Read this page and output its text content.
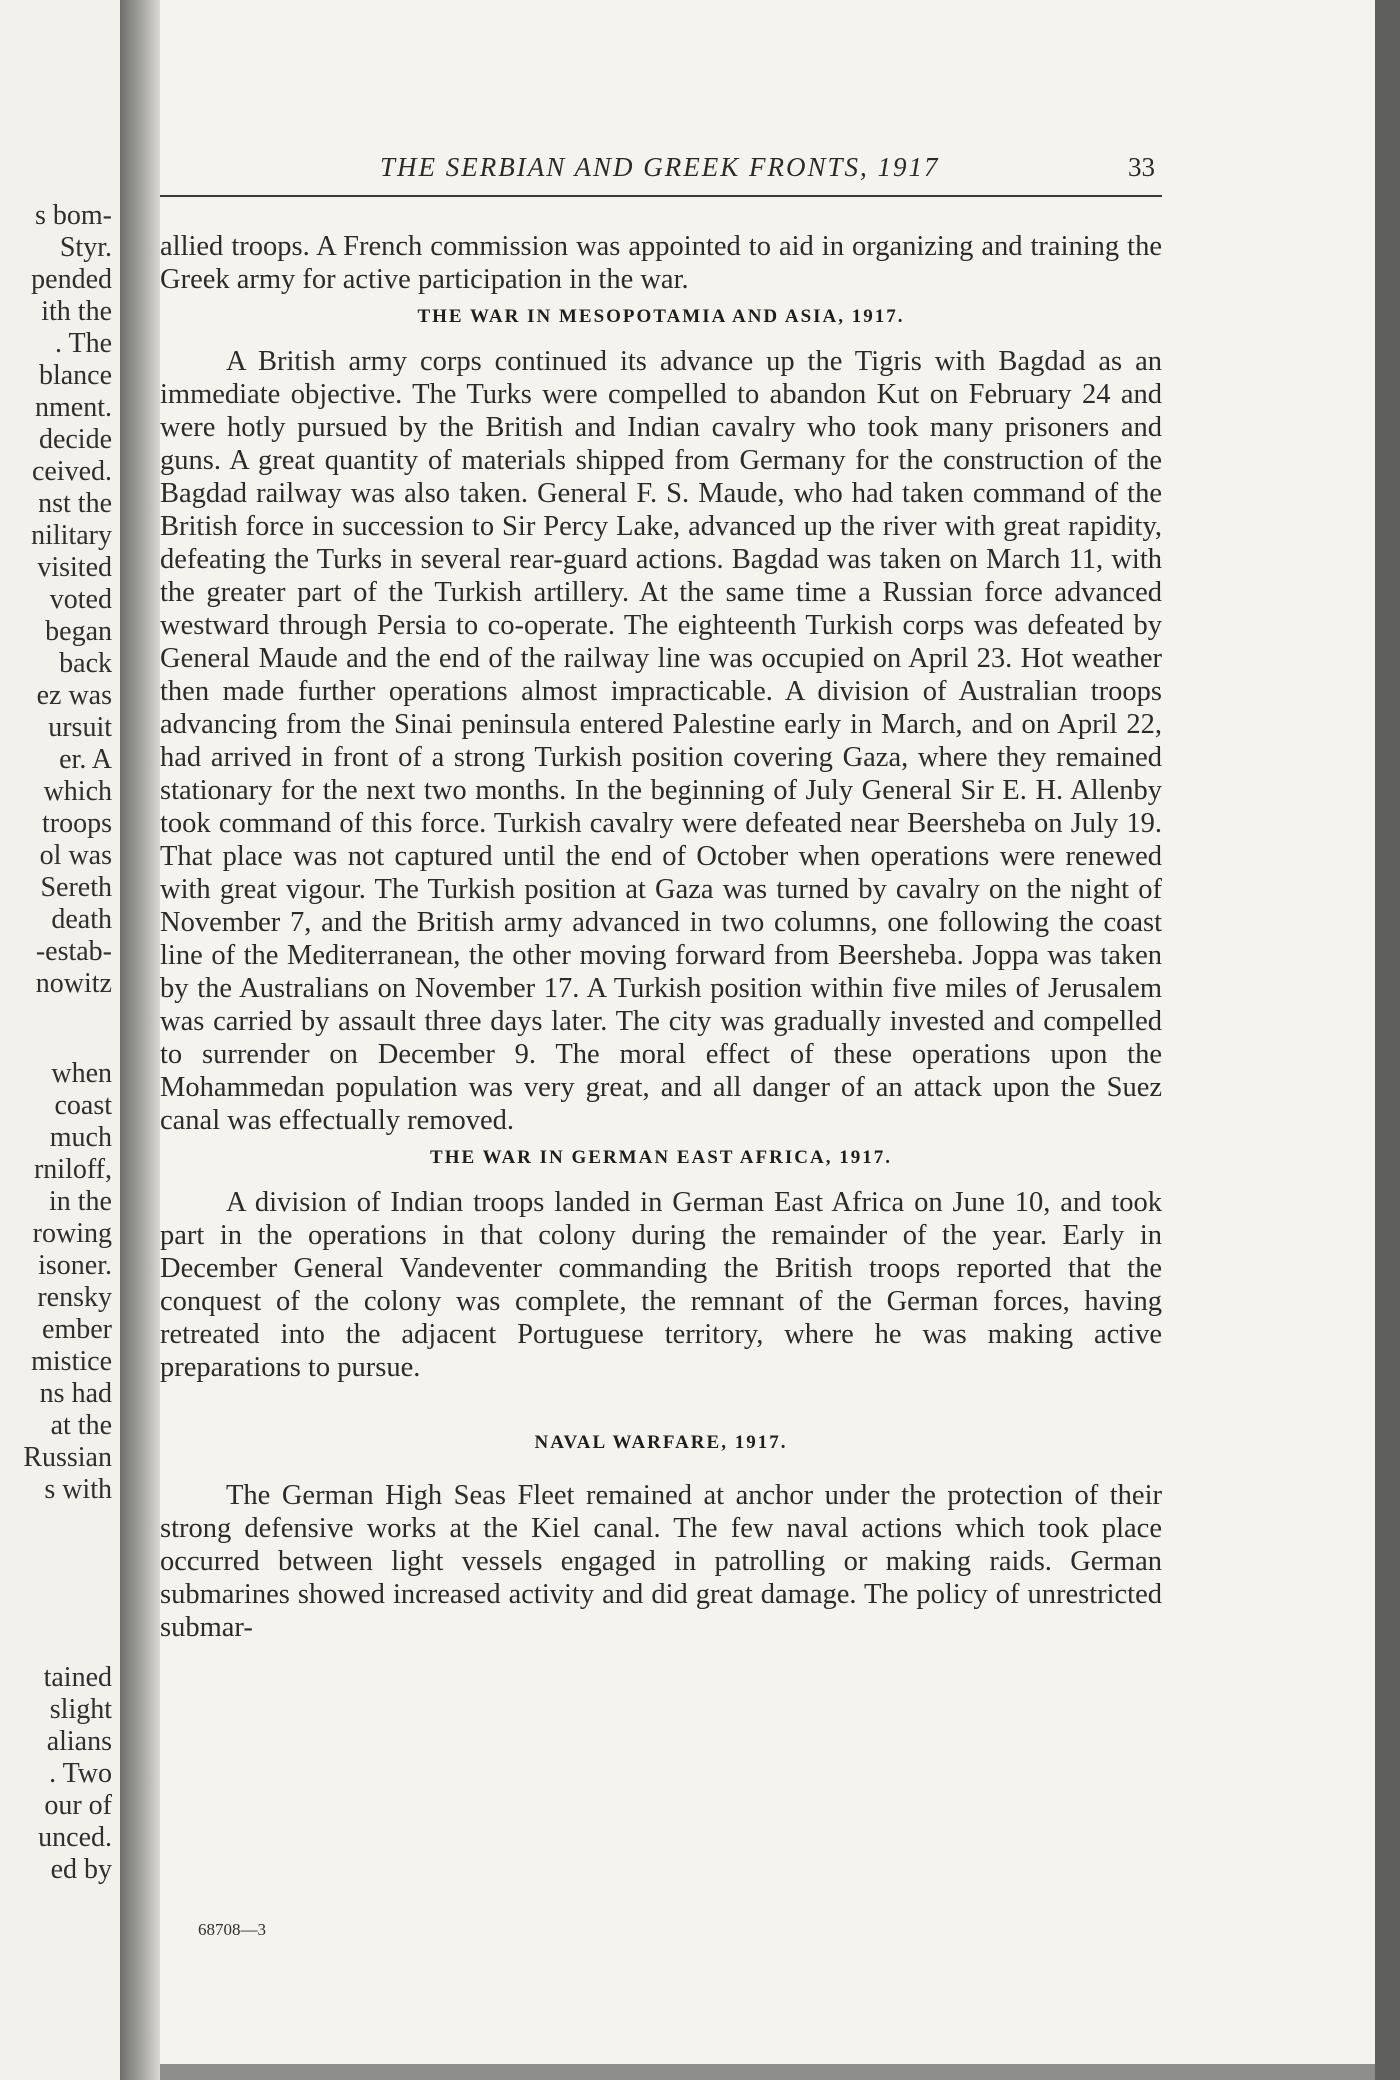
s bom-
Styr.
pended
ith the
. The
blance
nment.
decide
ceived.
nst the
nilitary
visited
voted
began
back
ez was
ursuit
er. A
which
troops
ol was
Sereth
death
-estab-
nowitz
when
coast
much
rniloff,
in the
rowing
isoner.
rensky
ember
mistice
ns had
at the
Russian
s with
tained
slight
alians
. Two
our of
unced.
ed by
THE SERBIAN AND GREEK FRONTS, 1917	33

allied troops. A French commission was appointed to aid in organizing and training the Greek army for active participation in the war.

THE WAR IN MESOPOTAMIA AND ASIA, 1917.

A British army corps continued its advance up the Tigris with Bagdad as an immediate objective. The Turks were compelled to abandon Kut on February 24 and were hotly pursued by the British and Indian cavalry who took many prisoners and guns. A great quantity of materials shipped from Germany for the construction of the Bagdad railway was also taken. General F. S. Maude, who had taken command of the British force in succession to Sir Percy Lake, advanced up the river with great rapidity, defeating the Turks in several rear-guard actions. Bagdad was taken on March 11, with the greater part of the Turkish artillery. At the same time a Russian force advanced westward through Persia to co-operate. The eighteenth Turkish corps was defeated by General Maude and the end of the railway line was occupied on April 23. Hot weather then made further operations almost impracticable. A division of Australian troops advancing from the Sinai peninsula entered Palestine early in March, and on April 22, had arrived in front of a strong Turkish position covering Gaza, where they remained stationary for the next two months. In the beginning of July General Sir E. H. Allenby took command of this force. Turkish cavalry were defeated near Beersheba on July 19. That place was not captured until the end of October when operations were renewed with great vigour. The Turkish position at Gaza was turned by cavalry on the night of November 7, and the British army advanced in two columns, one following the coast line of the Mediterranean, the other moving forward from Beersheba. Joppa was taken by the Australians on November 17. A Turkish position within five miles of Jerusalem was carried by assault three days later. The city was gradually invested and compelled to surrender on December 9. The moral effect of these operations upon the Mohammedan population was very great, and all danger of an attack upon the Suez canal was effectually removed.

THE WAR IN GERMAN EAST AFRICA, 1917.

A division of Indian troops landed in German East Africa on June 10, and took part in the operations in that colony during the remainder of the year. Early in December General Vandeventer commanding the British troops reported that the conquest of the colony was complete, the remnant of the German forces, having retreated into the adjacent Portuguese territory, where he was making active preparations to pursue.

NAVAL WARFARE, 1917.

The German High Seas Fleet remained at anchor under the protection of their strong defensive works at the Kiel canal. The few naval actions which took place occurred between light vessels engaged in patrolling or making raids. German submarines showed increased activity and did great damage. The policy of unrestricted submar-

68708—3
